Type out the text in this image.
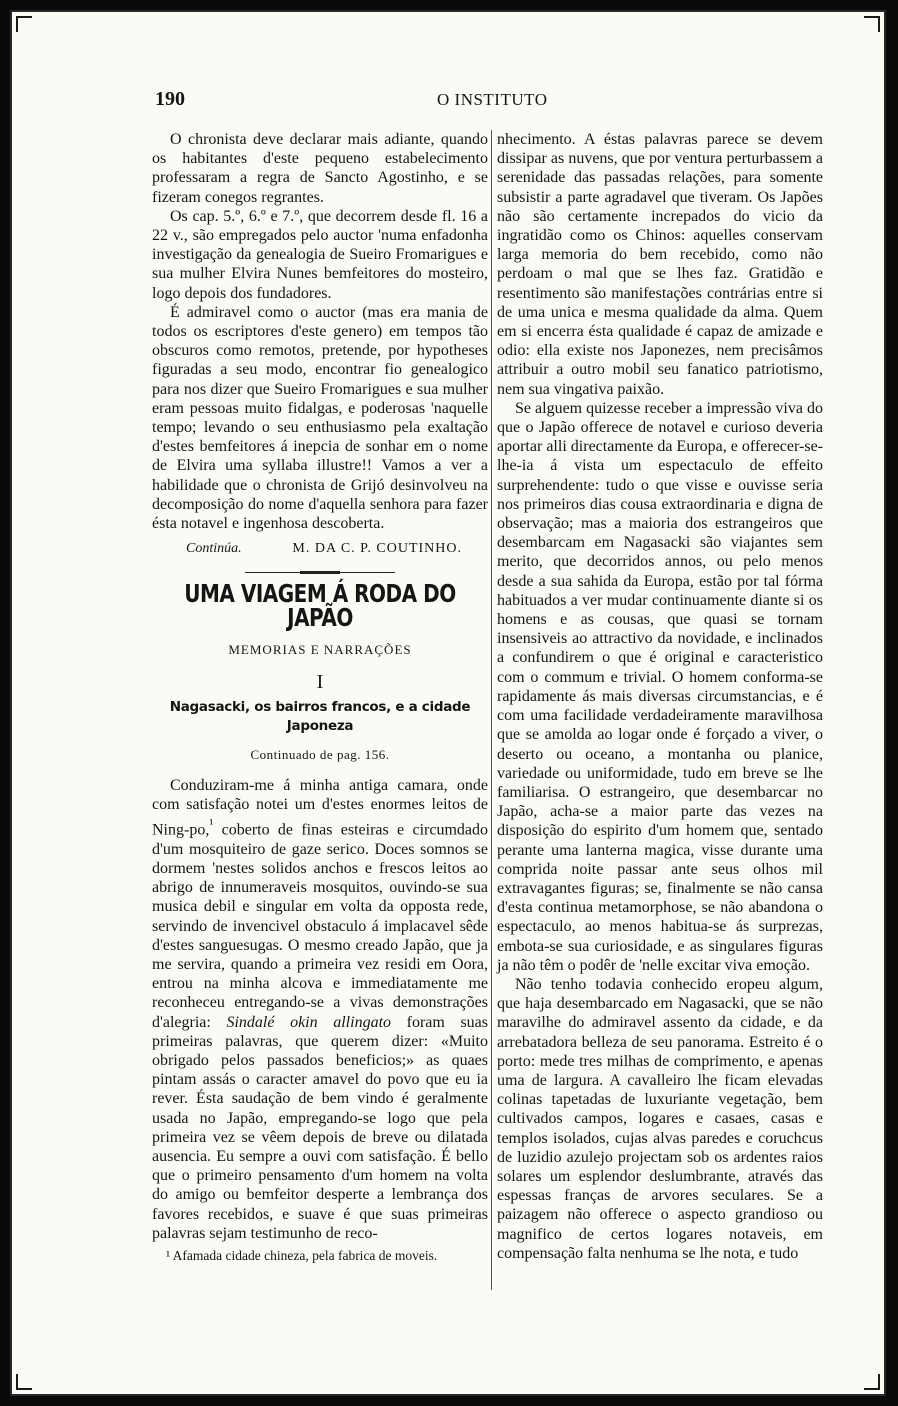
190	O INSTITUTO

O chronista deve declarar mais adiante, quando os habitantes d'este pequeno estabelecimento professaram a regra de Sancto Agostinho, e se fizeram conegos regrantes.

Os cap. 5.º, 6.º e 7.º, que decorrem desde fl. 16 a 22 v., são empregados pelo auctor 'numa enfadonha investigação da genealogia de Sueiro Fromarigues e sua mulher Elvira Nunes bemfeitores do mosteiro, logo depois dos fundadores.

É admiravel como o auctor (mas era mania de todos os escriptores d'este genero) em tempos tão obscuros como remotos, pretende, por hypotheses figuradas a seu modo, encontrar fio genealogico para nos dizer que Sueiro Fromarigues e sua mulher eram pessoas muito fidalgas, e poderosas 'naquelle tempo; levando o seu enthusiasmo pela exaltação d'estes bemfeitores á inepcia de sonhar em o nome de Elvira uma syllaba illustre!! Vamos a ver a habilidade que o chronista de Grijó desinvolveu na decomposição do nome d'aquella senhora para fazer ésta notavel e ingenhosa descoberta.

Continúa.	M. DA C. P. COUTINHO.
UMA VIAGEM Á RODA DO JAPÃO
MEMORIAS E NARRAÇÕES
I
Nagasacki, os bairros francos, e a cidade Japoneza
Continuado de pag. 156.

Conduziram-me á minha antiga camara, onde com satisfação notei um d'estes enormes leitos de Ning-po,$^{^1}$ coberto de finas esteiras e circumdado d'um mosquiteiro de gaze serico. Doces somnos se dormem 'nestes solidos anchos e frescos leitos ao abrigo de innumeraveis mosquitos, ouvindo-se sua musica debil e singular em volta da opposta rede, servindo de invencivel obstaculo á implacavel sêde d'estes sanguesugas. O mesmo creado Japão, que ja me servira, quando a primeira vez residi em Oora, entrou na minha alcova e immediatamente me reconheceu entregando-se a vivas demonstrações d'alegria: Sindalé okin allingato foram suas primeiras palavras, que querem dizer: «Muito obrigado pelos passados beneficios;» as quaes pintam assás o caracter amavel do povo que eu ia rever. Ésta saudação de bem vindo é geralmente usada no Japão, empregando-se logo que pela primeira vez se vêem depois de breve ou dilatada ausencia. Eu sempre a ouvi com satisfação. É bello que o primeiro pensamento d'um homem na volta do amigo ou bemfeitor desperte a lembrança dos favores recebidos, e suave é que suas primeiras palavras sejam testimunho de reco-

¹ Afamada cidade chineza, pela fabrica de moveis.

nhecimento. A éstas palavras parece se devem dissipar as nuvens, que por ventura perturbassem a serenidade das passadas relações, para somente subsistir a parte agradavel que tiveram. Os Japões não são certamente increpados do vicio da ingratidão como os Chinos: aquelles conservam larga memoria do bem recebido, como não perdoam o mal que se lhes faz. Gratidão e resentimento são manifestações contrárias entre si de uma unica e mesma qualidade da alma. Quem em si encerra ésta qualidade é capaz de amizade e odio: ella existe nos Japonezes, nem precisâmos attribuir a outro mobil seu fanatico patriotismo, nem sua vingativa paixão.

Se alguem quizesse receber a impressão viva do que o Japão offerece de notavel e curioso deveria aportar alli directamente da Europa, e offerecer-se-lhe-ia á vista um espectaculo de effeito surprehendente: tudo o que visse e ouvisse seria nos primeiros dias cousa extraordinaria e digna de observação; mas a maioria dos estrangeiros que desembarcam em Nagasacki são viajantes sem merito, que decorridos annos, ou pelo menos desde a sua sahida da Europa, estão por tal fórma habituados a ver mudar continuamente diante si os homens e as cousas, que quasi se tornam insensiveis ao attractivo da novidade, e inclinados a confundirem o que é original e caracteristico com o commum e trivial. O homem conforma-se rapidamente ás mais diversas circumstancias, e é com uma facilidade verdadeiramente maravilhosa que se amolda ao logar onde é forçado a viver, o deserto ou oceano, a montanha ou planice, variedade ou uniformidade, tudo em breve se lhe familiarisa. O estrangeiro, que desembarcar no Japão, acha-se a maior parte das vezes na disposição do espirito d'um homem que, sentado perante uma lanterna magica, visse durante uma comprida noite passar ante seus olhos mil extravagantes figuras; se, finalmente se não cansa d'esta continua metamorphose, se não abandona o espectaculo, ao menos habitua-se ás surprezas, embota-se sua curiosidade, e as singulares figuras ja não têm o podêr de 'nelle excitar viva emoção.

Não tenho todavia conhecido eropeu algum, que haja desembarcado em Nagasacki, que se não maravilhe do admiravel assento da cidade, e da arrebatadora belleza de seu panorama. Estreito é o porto: mede tres milhas de comprimento, e apenas uma de largura. A cavalleiro lhe ficam elevadas colinas tapetadas de luxuriante vegetação, bem cultivados campos, logares e casaes, casas e templos isolados, cujas alvas paredes e coruchcus de luzidio azulejo projectam sob os ardentes raios solares um esplendor deslumbrante, através das espessas franças de arvores seculares. Se a paizagem não offerece o aspecto grandioso ou magnifico de certos logares notaveis, em compensação falta nenhuma se lhe nota, e tudo
